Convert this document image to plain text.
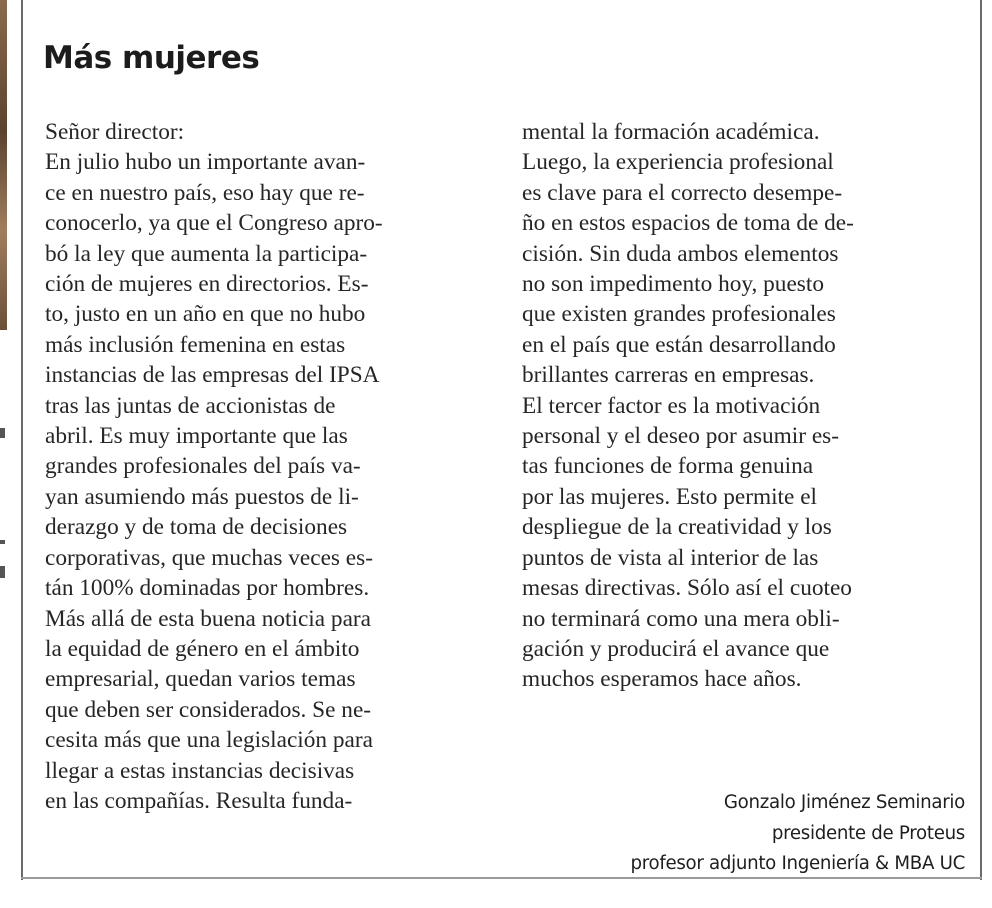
Más mujeres
Señor director:
En julio hubo un importante avan-
ce en nuestro país, eso hay que re-
conocerlo, ya que el Congreso apro-
bó la ley que aumenta la participa-
ción de mujeres en directorios. Es-
to, justo en un año en que no hubo
más inclusión femenina en estas
instancias de las empresas del IPSA
tras las juntas de accionistas de
abril. Es muy importante que las
grandes profesionales del país va-
yan asumiendo más puestos de li-
derazgo y de toma de decisiones
corporativas, que muchas veces es-
tán 100% dominadas por hombres.
Más allá de esta buena noticia para
la equidad de género en el ámbito
empresarial, quedan varios temas
que deben ser considerados. Se ne-
cesita más que una legislación para
llegar a estas instancias decisivas
en las compañías. Resulta funda-
mental la formación académica.
Luego, la experiencia profesional
es clave para el correcto desempe-
ño en estos espacios de toma de de-
cisión. Sin duda ambos elementos
no son impedimento hoy, puesto
que existen grandes profesionales
en el país que están desarrollando
brillantes carreras en empresas.
El tercer factor es la motivación
personal y el deseo por asumir es-
tas funciones de forma genuina
por las mujeres. Esto permite el
despliegue de la creatividad y los
puntos de vista al interior de las
mesas directivas. Sólo así el cuoteo
no terminará como una mera obli-
gación y producirá el avance que
muchos esperamos hace años.
Gonzalo Jiménez Seminario
presidente de Proteus
profesor adjunto Ingeniería & MBA UC
